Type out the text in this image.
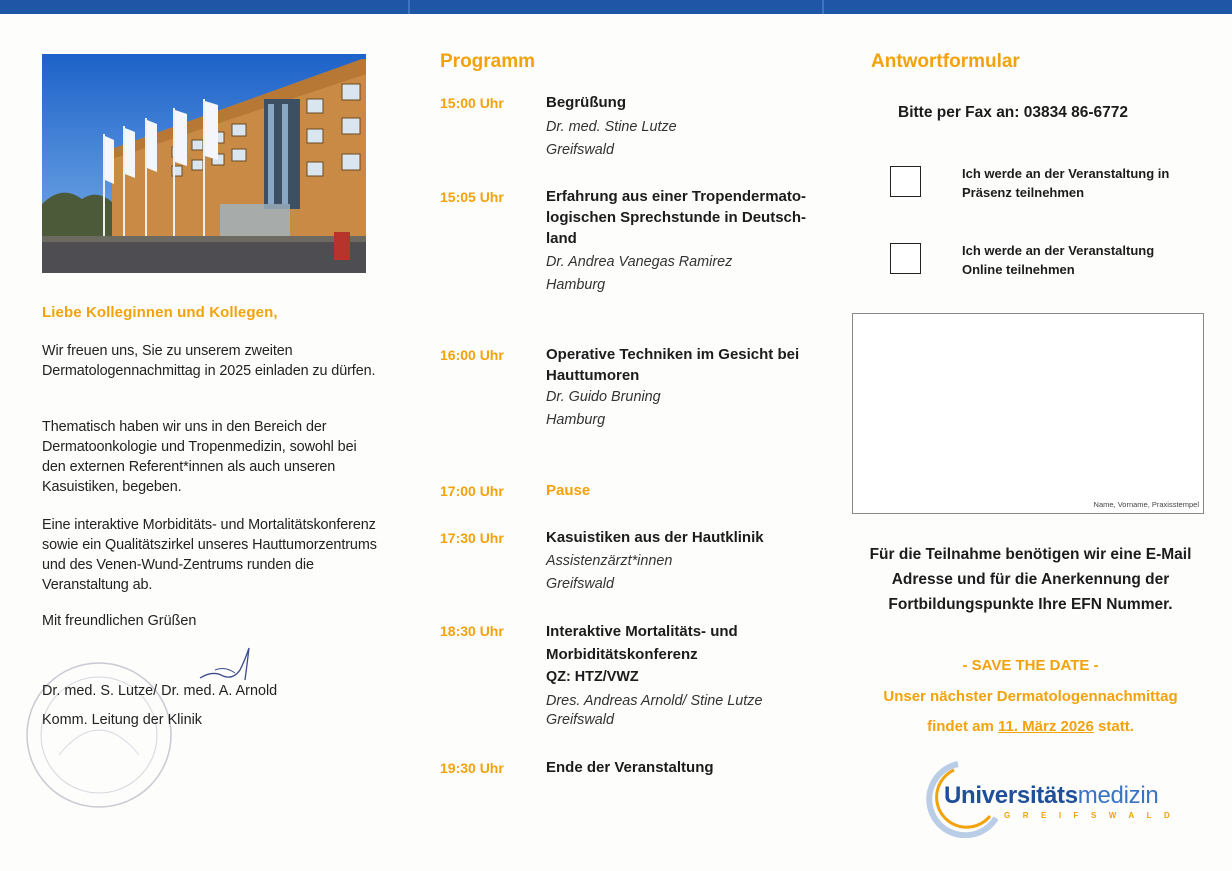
Liebe Kolleginnen und Kollegen,
Wir freuen uns, Sie zu unserem zweiten Dermatologennachmittag in 2025 einladen zu dürfen.
Thematisch haben wir uns in den Bereich der Dermatoonkologie und Tropenmedizin, sowohl bei den externen Referent*innen als auch unseren Kasuistiken, begeben.
Eine interaktive Morbiditäts- und Mortalitätskonferenz sowie ein Qualitätszirkel unseres Hauttumorzentrums und des Venen-Wund-Zentrums runden die Veranstaltung ab.
Mit freundlichen Grüßen
Dr. med. S. Lutze/ Dr. med. A. Arnold
Komm. Leitung der Klinik
Programm
15:00 Uhr	Begrüßung
Dr. med. Stine Lutze
Greifswald
15:05 Uhr	Erfahrung aus einer Tropendermato-logischen Sprechstunde in Deutsch-land
Dr. Andrea Vanegas Ramirez
Hamburg
16:00 Uhr	Operative Techniken im Gesicht bei Hauttumoren
Dr. Guido Bruning
Hamburg
17:00 Uhr	Pause
17:30 Uhr	Kasuistiken aus der Hautklinik
Assistenzärzt*innen
Greifswald
18:30 Uhr	Interaktive Mortalitäts- und Morbiditätskonferenz
QZ: HTZ/VWZ
Dres. Andreas Arnold/ Stine Lutze
Greifswald
19:30 Uhr	Ende der Veranstaltung
Antwortformular
Bitte per Fax an: 03834 86-6772
Ich werde an der Veranstaltung in Präsenz teilnehmen
Ich werde an der Veranstaltung Online teilnehmen
Name, Vorname, Praxisstempel
Für die Teilnahme benötigen wir eine E-Mail Adresse und für die Anerkennung der Fortbildungspunkte Ihre EFN Nummer.
- SAVE THE DATE -
Unser nächster Dermatologennachmittag
findet am 11. März 2026 statt.
Universitätsmedizin
GREIFSWALD
